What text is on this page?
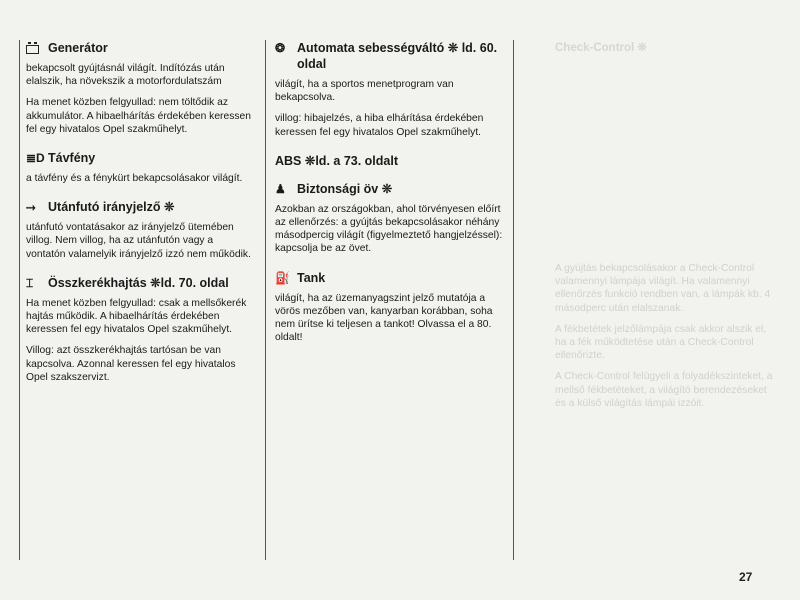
Generátor

bekapcsolt gyújtásnál világít. Indítózás után elalszik, ha növekszik a motorfordulatszám

Ha menet közben felgyullad: nem töltődik az akkumulátor. A hibaelhárítás érdekében keressen fel egy hivatalos Opel szakműhelyt.

≣D Távfény

a távfény és a fénykürt bekapcsolásakor világít.

⤑ Utánfutó irányjelző ❊

utánfutó vontatásakor az irányjelző ütemében villog. Nem villog, ha az utánfutón vagy a vontatón valamelyik irányjelző izzó nem működik.

⌶	Összkerékhajtás ❊ld. 70. oldal

Ha menet közben felgyullad: csak a mellsőkerék hajtás működik. A hibaelhárítás érdekében keressen fel egy hivatalos Opel szakműhelyt.

Villog: azt összkerékhajtás tartósan be van kapcsolva. Azonnal keressen fel egy hivatalos Opel szakszervizt.

❂ Automata sebességváltó ❊ ld. 60. oldal

világít, ha a sportos menetprogram van bekapcsolva.

villog: hibajelzés, a hiba elhárítása érdekében keressen fel egy hivatalos Opel szakműhelyt.

ABS ❊ld. a 73. oldalt
♟ Biztonsági öv ❊

Azokban az országokban, ahol törvényesen előírt az ellenőrzés: a gyújtás bekapcsolásakor néhány másodpercig világít (figyelmeztető hangjelzéssel): kapcsolja be az övet.

⛽ Tank

világít, ha az üzemanyagszint jelző mutatója a vörös mezőben van, kanyarban korábban, soha nem ürítse ki teljesen a tankot! Olvassa el a 80. oldalt!

Check-Control ❊

A gyújtás bekapcsolásakor a Check-Control valamennyi lámpája világít. Ha valamennyi ellenőrzés funkció rendben van, a lámpák kb. 4 másodperc után elalszanak.

A fékbetétek jelzőlámpája csak akkor alszik el, ha a fék működtetése után a Check-Control ellenőrizte.

A Check-Control felügyeli a folyadékszinteket, a mellső fékbetéteket, a világító berendezéseket és a külső világítás lámpái izzóit.

27
